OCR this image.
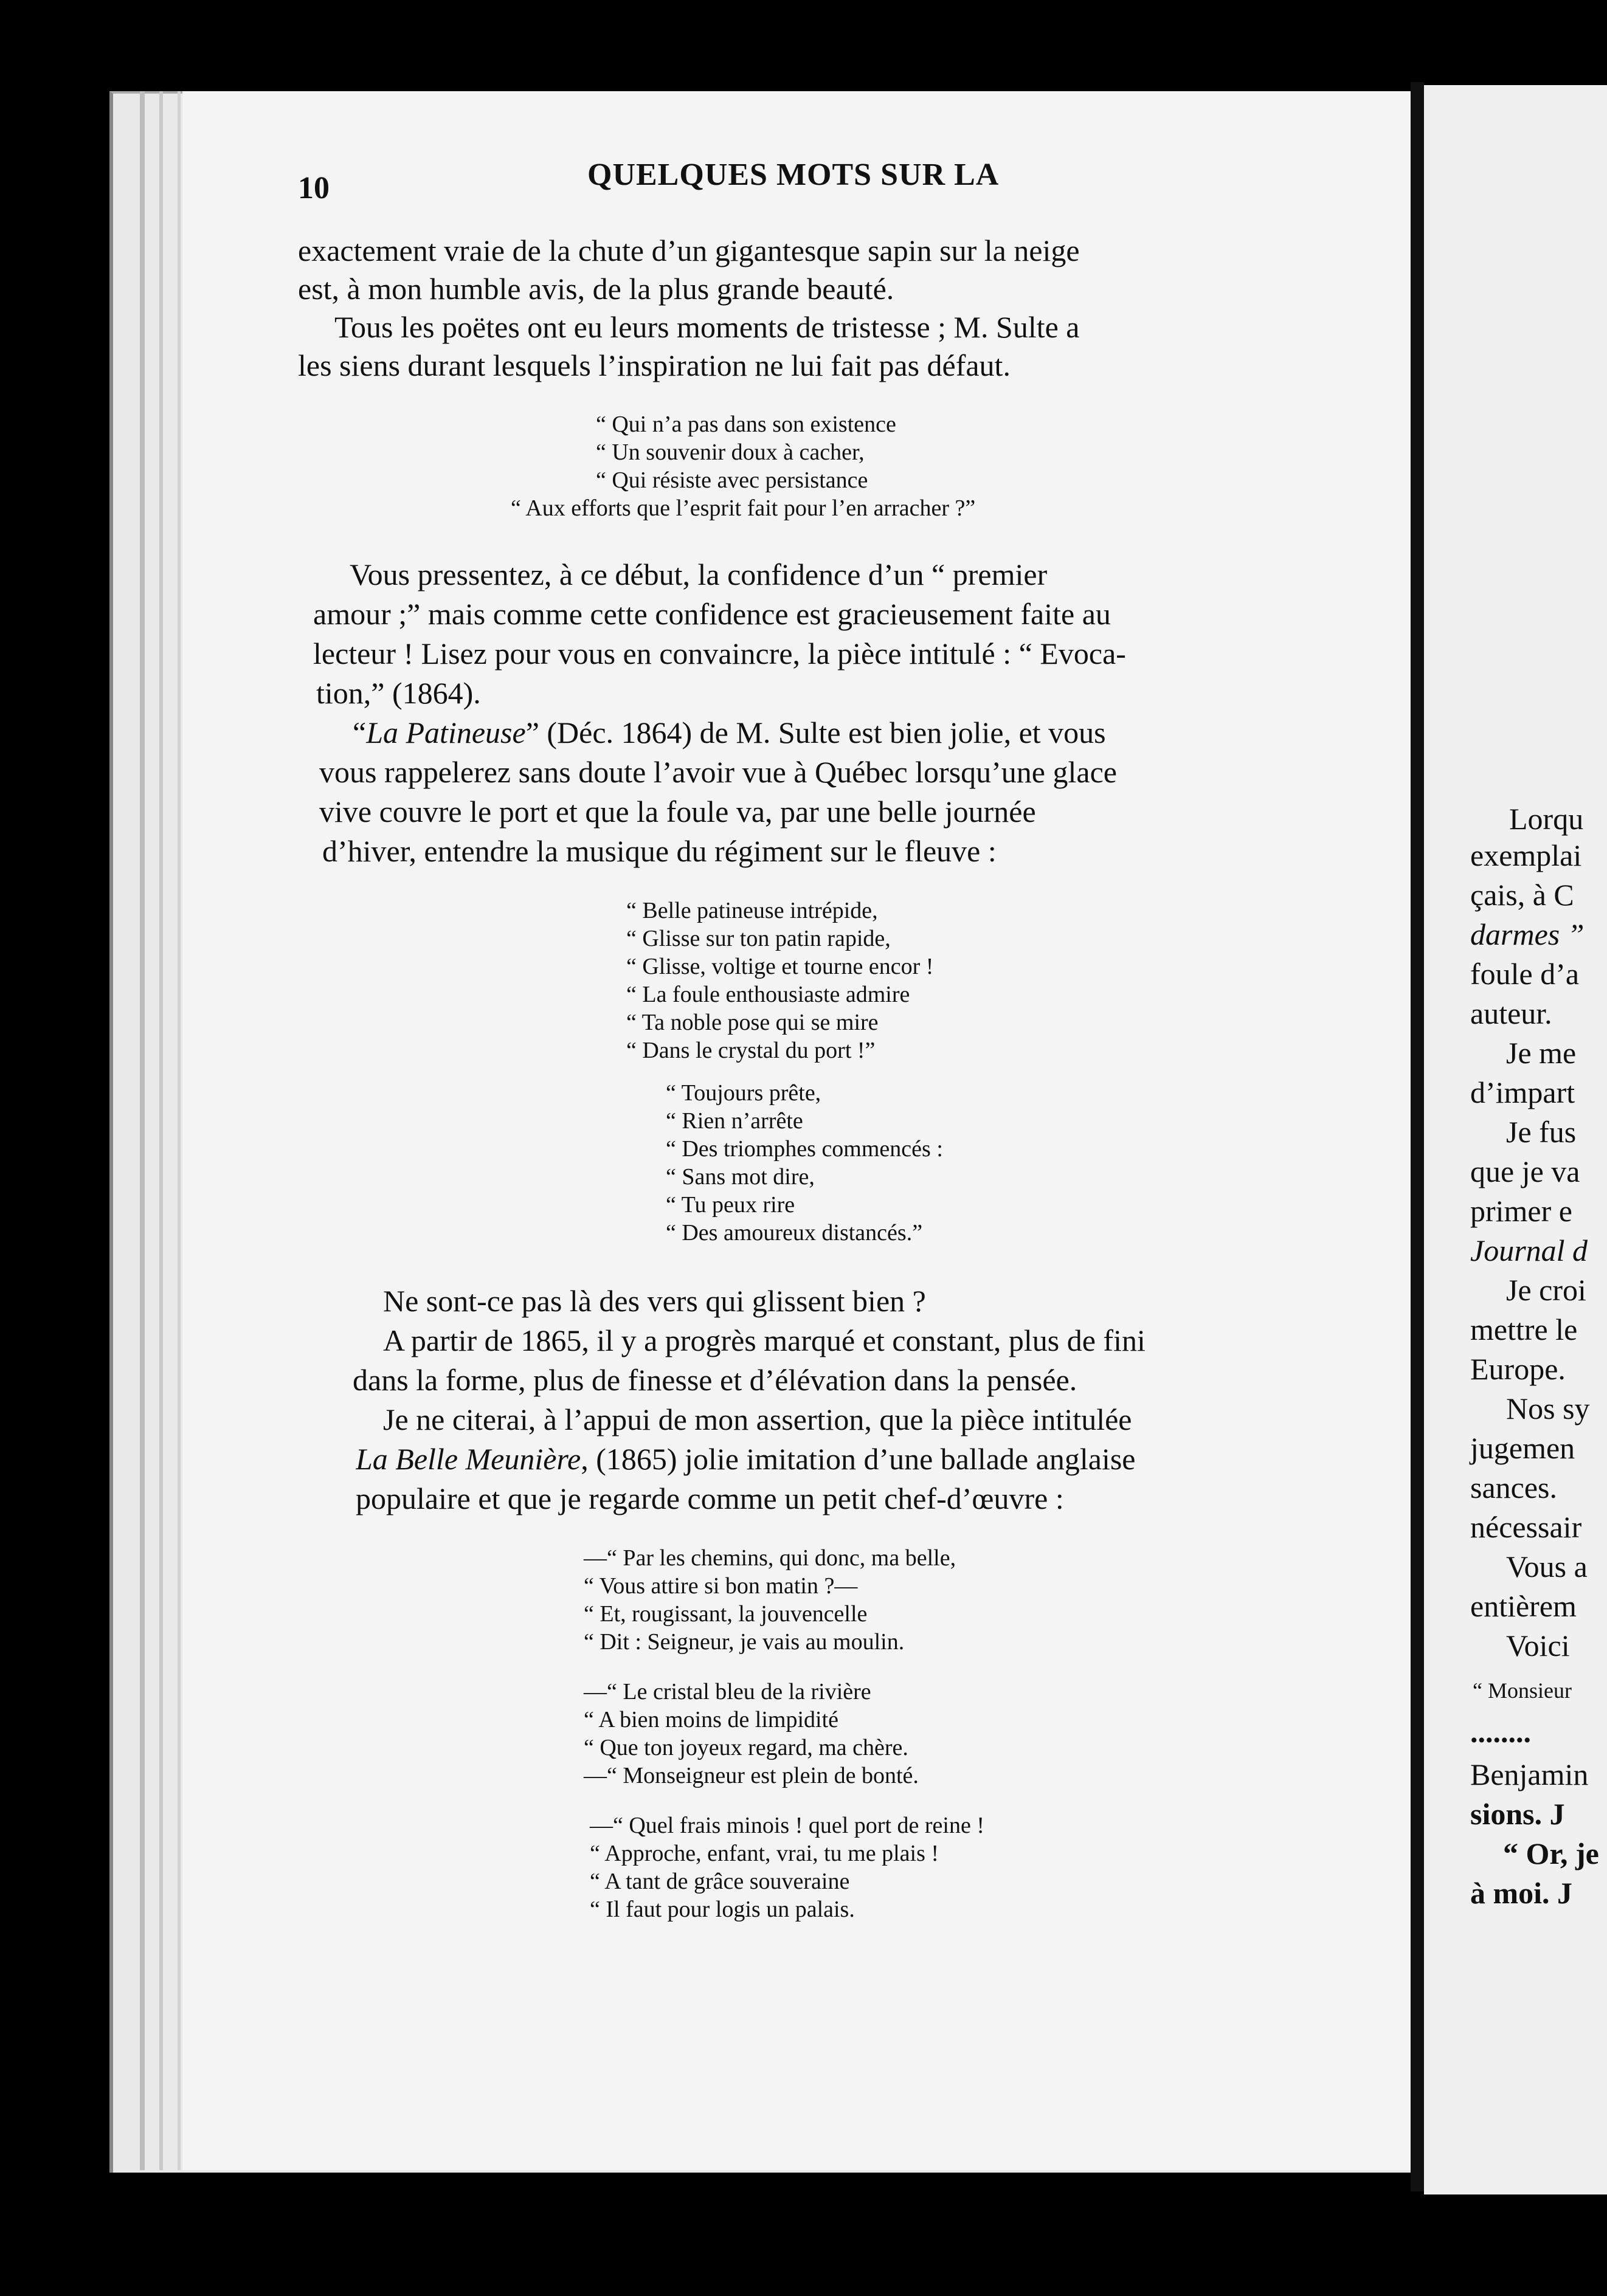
10	QUELQUES MOTS SUR LA
exactement vraie de la chute d’un gigantesque sapin sur la neige
est, à mon humble avis, de la plus grande beauté.
Tous les poëtes ont eu leurs moments de tristesse ; M. Sulte a
les siens durant lesquels l’inspiration ne lui fait pas défaut.
“ Qui n’a pas dans son existence
“ Un souvenir doux à cacher,
“ Qui résiste avec persistance
“ Aux efforts que l’esprit fait pour l’en arracher ?”
Vous pressentez, à ce début, la confidence d’un “ premier
amour ;” mais comme cette confidence est gracieusement faite au
lecteur ! Lisez pour vous en convaincre, la pièce intitulé : “ Evoca-
tion,” (1864).
“La Patineuse” (Déc. 1864) de M. Sulte est bien jolie, et vous
vous rappelerez sans doute l’avoir vue à Québec lorsqu’une glace
vive couvre le port et que la foule va, par une belle journée
d’hiver, entendre la musique du régiment sur le fleuve :
“ Belle patineuse intrépide,
“ Glisse sur ton patin rapide,
“ Glisse, voltige et tourne encor !
“ La foule enthousiaste admire
“ Ta noble pose qui se mire
“ Dans le crystal du port !”
“ Toujours prête,
“ Rien n’arrête
“ Des triomphes commencés :
“ Sans mot dire,
“ Tu peux rire
“ Des amoureux distancés.”
Ne sont-ce pas là des vers qui glissent bien ?
A partir de 1865, il y a progrès marqué et constant, plus de fini
dans la forme, plus de finesse et d’élévation dans la pensée.
Je ne citerai, à l’appui de mon assertion, que la pièce intitulée
La Belle Meunière, (1865) jolie imitation d’une ballade anglaise
populaire et que je regarde comme un petit chef-d’œuvre :
—“ Par les chemins, qui donc, ma belle,
“ Vous attire si bon matin ?—
“ Et, rougissant, la jouvencelle
“ Dit : Seigneur, je vais au moulin.
—“ Le cristal bleu de la rivière
“ A bien moins de limpidité
“ Que ton joyeux regard, ma chère.
—“ Monseigneur est plein de bonté.
—“ Quel frais minois ! quel port de reine !
“ Approche, enfant, vrai, tu me plais !
“ A tant de grâce souveraine
“ Il faut pour logis un palais.
Lorqu
exemplai
çais, à C
darmes ”
foule d’a
auteur.
Je me
d’impart
Je fus
que je va
primer e
Journal d
Je croi
mettre le
Europe.
Nos sy
jugemen
sances.
nécessair
Vous a
entièrem
Voici
“ Monsieur
........
Benjamin
sions. J
“ Or, je
à moi. J
